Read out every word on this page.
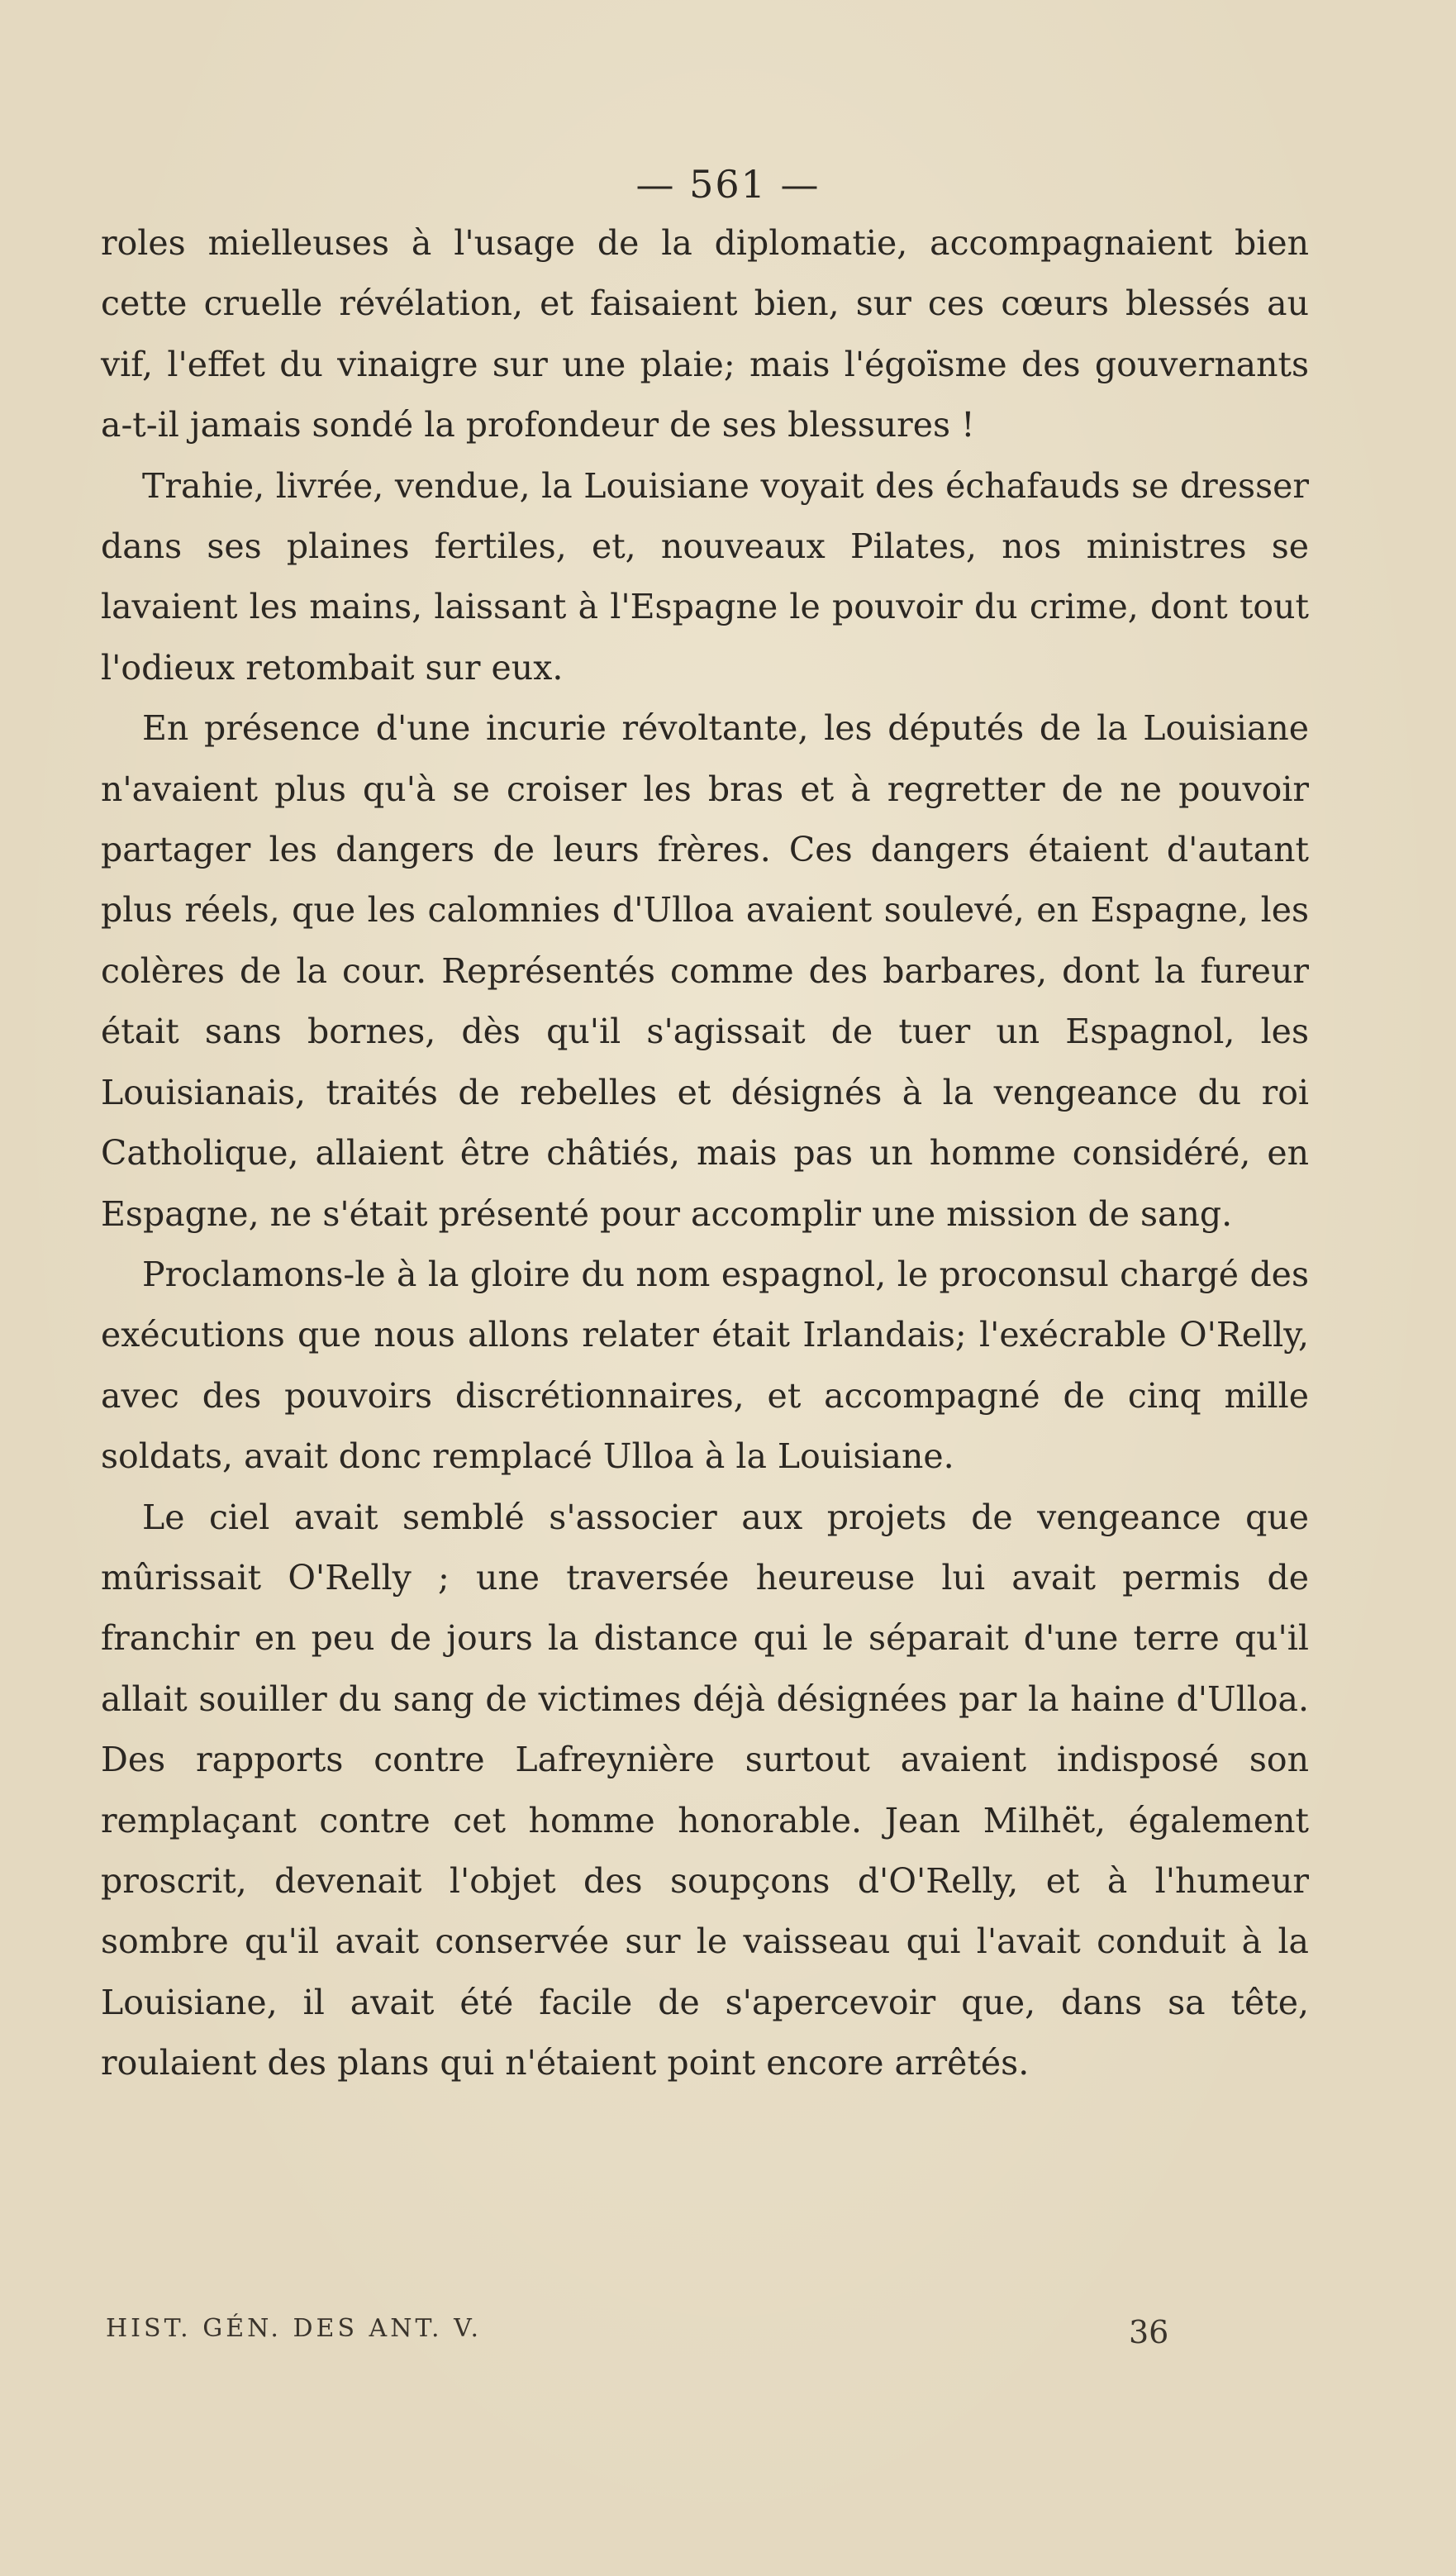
— 561 —

roles mielleuses à l'usage de la diplomatie, accompagnaient bien cette cruelle révélation, et faisaient bien, sur ces cœurs blessés au vif, l'effet du vinaigre sur une plaie; mais l'égoïsme des gouvernants a-t-il jamais sondé la profondeur de ses blessures !

Trahie, livrée, vendue, la Louisiane voyait des échafauds se dresser dans ses plaines fertiles, et, nouveaux Pilates, nos ministres se lavaient les mains, laissant à l'Espagne le pouvoir du crime, dont tout l'odieux retombait sur eux.

En présence d'une incurie révoltante, les députés de la Louisiane n'avaient plus qu'à se croiser les bras et à regretter de ne pouvoir partager les dangers de leurs frères. Ces dangers étaient d'autant plus réels, que les calomnies d'Ulloa avaient soulevé, en Espagne, les colères de la cour. Représentés comme des barbares, dont la fureur était sans bornes, dès qu'il s'agissait de tuer un Espagnol, les Louisianais, traités de rebelles et désignés à la vengeance du roi Catholique, allaient être châtiés, mais pas un homme considéré, en Espagne, ne s'était présenté pour accomplir une mission de sang.

Proclamons-le à la gloire du nom espagnol, le proconsul chargé des exécutions que nous allons relater était Irlandais; l'exécrable O'Relly, avec des pouvoirs discrétionnaires, et accompagné de cinq mille soldats, avait donc remplacé Ulloa à la Louisiane.

Le ciel avait semblé s'associer aux projets de vengeance que mûrissait O'Relly ; une traversée heureuse lui avait permis de franchir en peu de jours la distance qui le séparait d'une terre qu'il allait souiller du sang de victimes déjà désignées par la haine d'Ulloa. Des rapports contre Lafreynière surtout avaient indisposé son remplaçant contre cet homme honorable. Jean Milhët, également proscrit, devenait l'objet des soupçons d'O'Relly, et à l'humeur sombre qu'il avait conservée sur le vaisseau qui l'avait conduit à la Louisiane, il avait été facile de s'apercevoir que, dans sa tête, roulaient des plans qui n'étaient point encore arrêtés.

HIST. GÉN. DES ANT. V.	36
